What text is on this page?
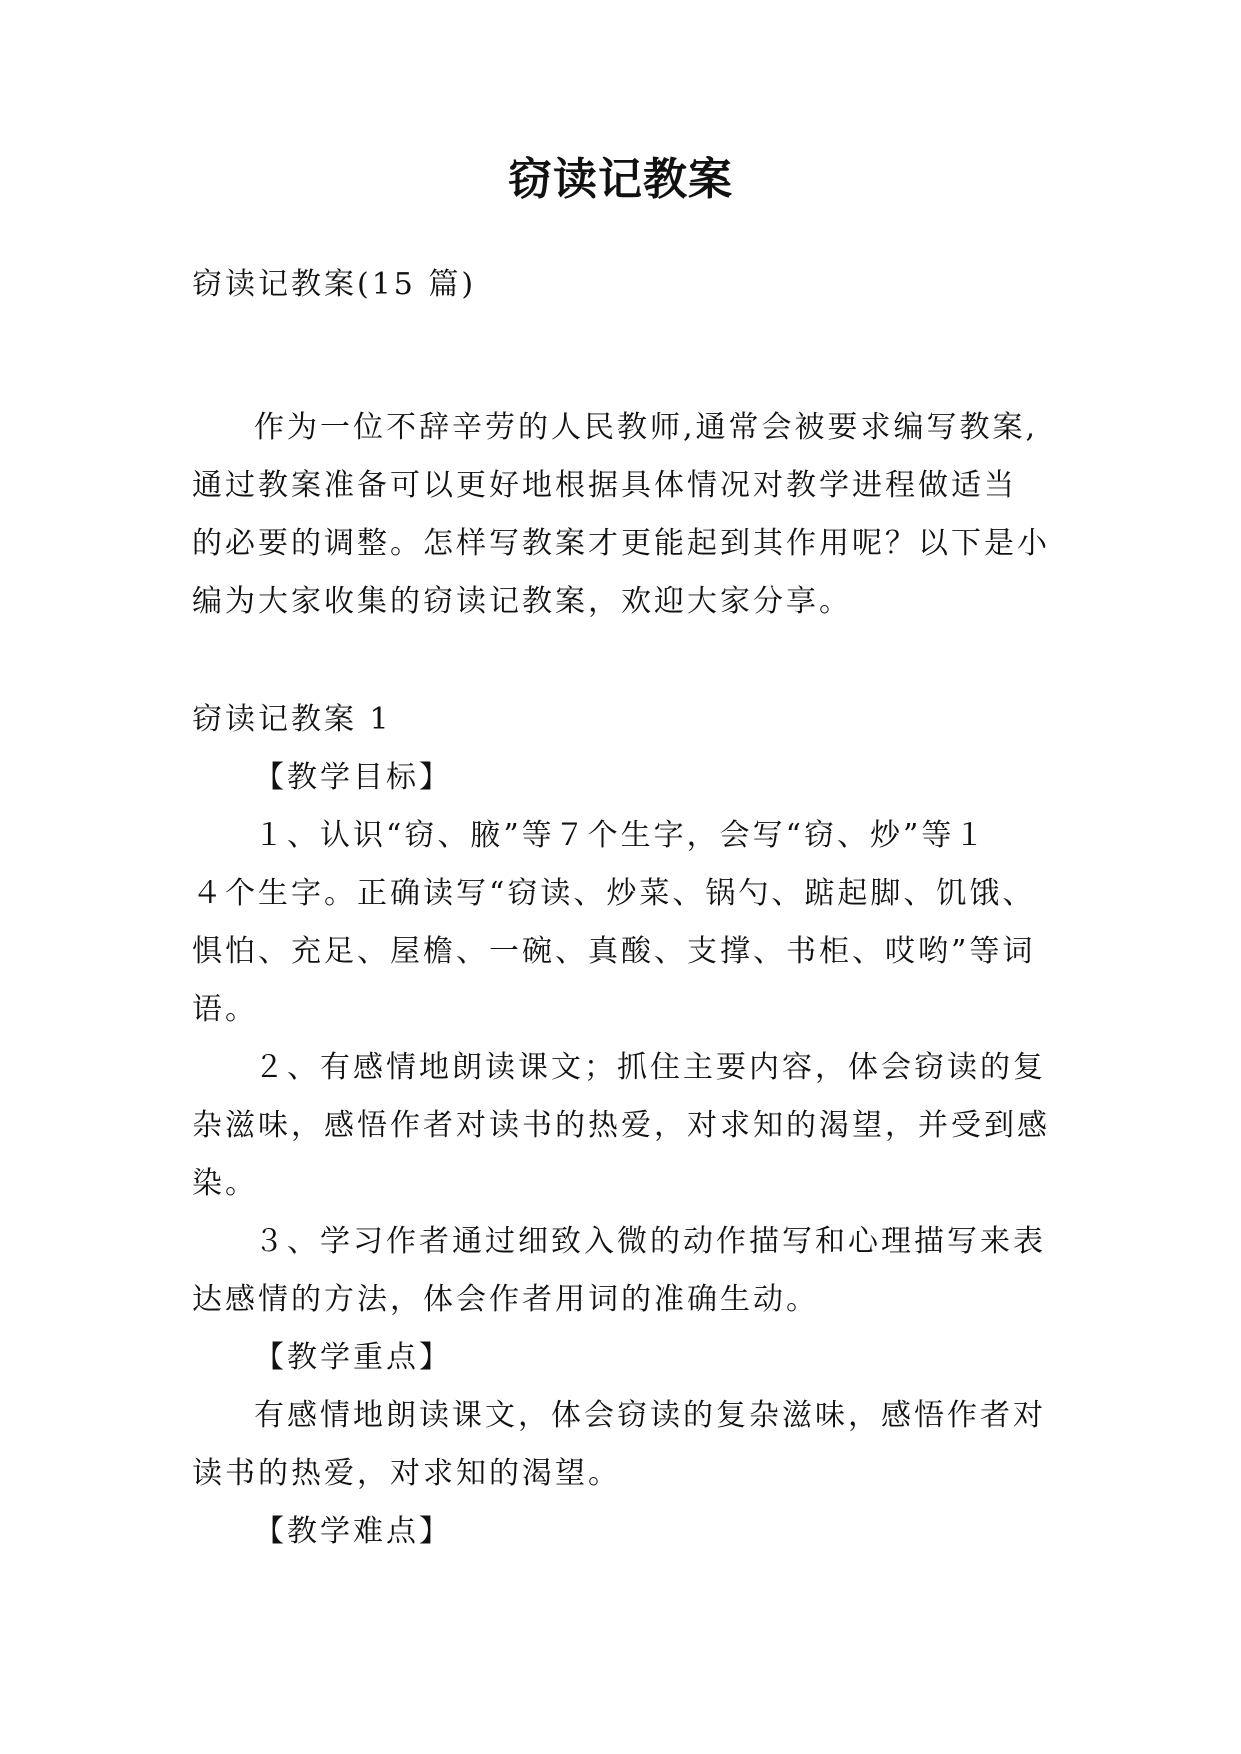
窃读记教案
窃读记教案(15 篇)
作为一位不辞辛劳的人民教师,通常会被要求编写教案,
通过教案准备可以更好地根据具体情况对教学进程做适当
的必要的调整。怎样写教案才更能起到其作用呢？以下是小
编为大家收集的窃读记教案，欢迎大家分享。
窃读记教案 1
【教学目标】
１、认识“窃、腋”等７个生字，会写“窃、炒”等１
４个生字。正确读写“窃读、炒菜、锅勺、踮起脚、饥饿、
惧怕、充足、屋檐、一碗、真酸、支撑、书柜、哎哟”等词
语。
２、有感情地朗读课文；抓住主要内容，体会窃读的复
杂滋味，感悟作者对读书的热爱，对求知的渴望，并受到感
染。
３、学习作者通过细致入微的动作描写和心理描写来表
达感情的方法，体会作者用词的准确生动。
【教学重点】
有感情地朗读课文，体会窃读的复杂滋味，感悟作者对
读书的热爱，对求知的渴望。
【教学难点】
